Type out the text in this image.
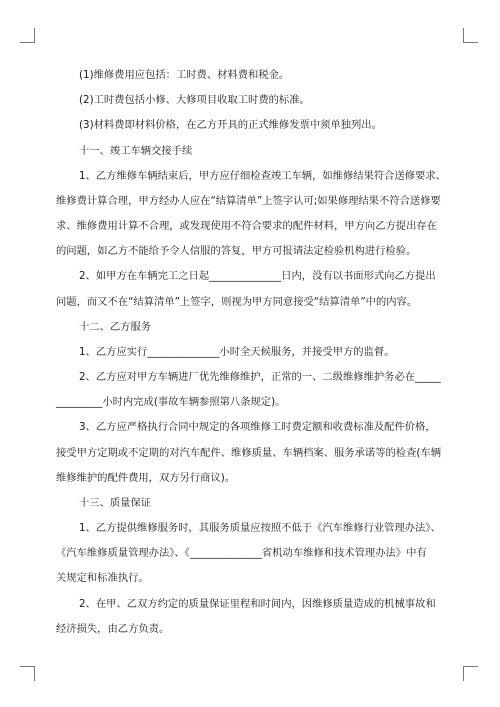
(1)维修费用应包括：工时费、材料费和税金。
(2)工时费包括小修、大修项目收取工时费的标准。
(3)材料费即材料价格，在乙方开具的正式维修发票中须单独列出。
十一、竣工车辆交接手续
1、乙方维修车辆结束后，甲方应仔细检查竣工车辆，如维修结果符合送修要求、
维修费计算合理，甲方经办人应在“结算清单”上签字认可;如果修理结果不符合送修要
求、维修费用计算不合理，或发现使用不符合要求的配件材料，甲方向乙方提出存在
的问题，如乙方不能给予令人信服的答复，甲方可报请法定检验机构进行检验。
2、如甲方在车辆完工之日起______________日内，没有以书面形式向乙方提出
问题，而又不在“结算清单”上签字，则视为甲方同意接受“结算清单”中的内容。
十二、乙方服务
1、乙方应实行______________小时全天候服务，并接受甲方的监督。
2、乙方应对甲方车辆进厂优先维修维护，正常的一、二级维修维护务必在_____
_________小时内完成(事故车辆参照第八条规定)。
3、乙方应严格执行合同中规定的各项维修工时费定额和收费标准及配件价格，
接受甲方定期或不定期的对汽车配件、维修质量、车辆档案、服务承诺等的检查(车辆
维修维护的配件费用，双方另行商议)。
十三、质量保证
1、乙方提供维修服务时，其服务质量应按照不低于《汽车维修行业管理办法》、
《汽车维修质量管理办法》、《______________省机动车维修和技术管理办法》中有
关规定和标准执行。
2、在甲、乙双方约定的质量保证里程和时间内，因维修质量造成的机械事故和
经济损失，由乙方负责。
